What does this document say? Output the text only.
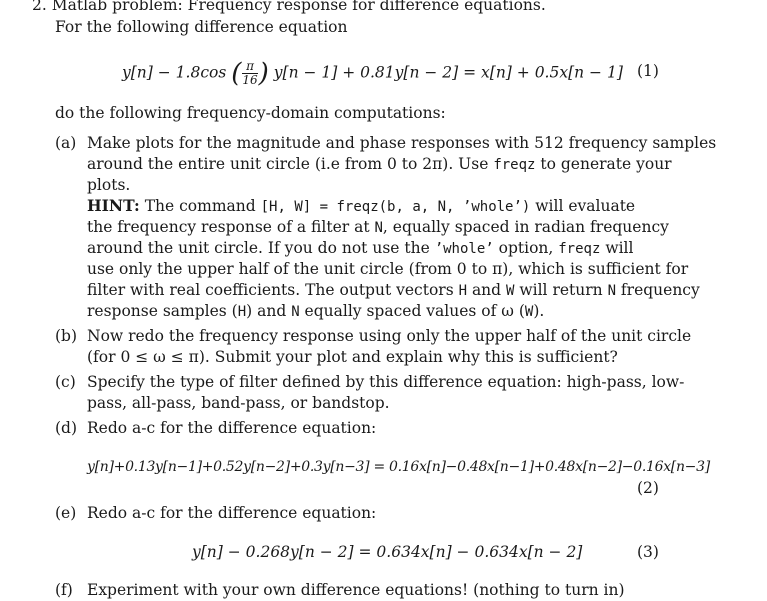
2. Matlab problem: Frequency response for difference equations.
For the following difference equation
y[n] − 1.8cos ( $\frac{\pi}{16}$ ) y[n − 1] + 0.81y[n − 2] = x[n] + 0.5x[n − 1] (1)
do the following frequency-domain computations:
(a) Make plots for the magnitude and phase responses with 512 frequency samples
around the entire unit circle (i.e from 0 to 2π). Use freqz to generate your
plots.
HINT: The command [H, W] = freqz(b, a, N, ’whole’) will evaluate
the frequency response of a filter at N, equally spaced in radian frequency
around the unit circle. If you do not use the ’whole’ option, freqz will
use only the upper half of the unit circle (from 0 to π), which is sufficient for
filter with real coefficients. The output vectors H and W will return N frequency
response samples (H) and N equally spaced values of ω (W).
(b) Now redo the frequency response using only the upper half of the unit circle
(for 0 ≤ ω ≤ π). Submit your plot and explain why this is sufficient?
(c) Specify the type of filter defined by this difference equation: high-pass, low-
pass, all-pass, band-pass, or bandstop.
(d) Redo a-c for the difference equation:
y[n]+0.13y[n−1]+0.52y[n−2]+0.3y[n−3] = 0.16x[n]−0.48x[n−1]+0.48x[n−2]−0.16x[n−3]
(2)
(e) Redo a-c for the difference equation:
y[n] − 0.268y[n − 2] = 0.634x[n] − 0.634x[n − 2]	(3)
(f) Experiment with your own difference equations! (nothing to turn in)
